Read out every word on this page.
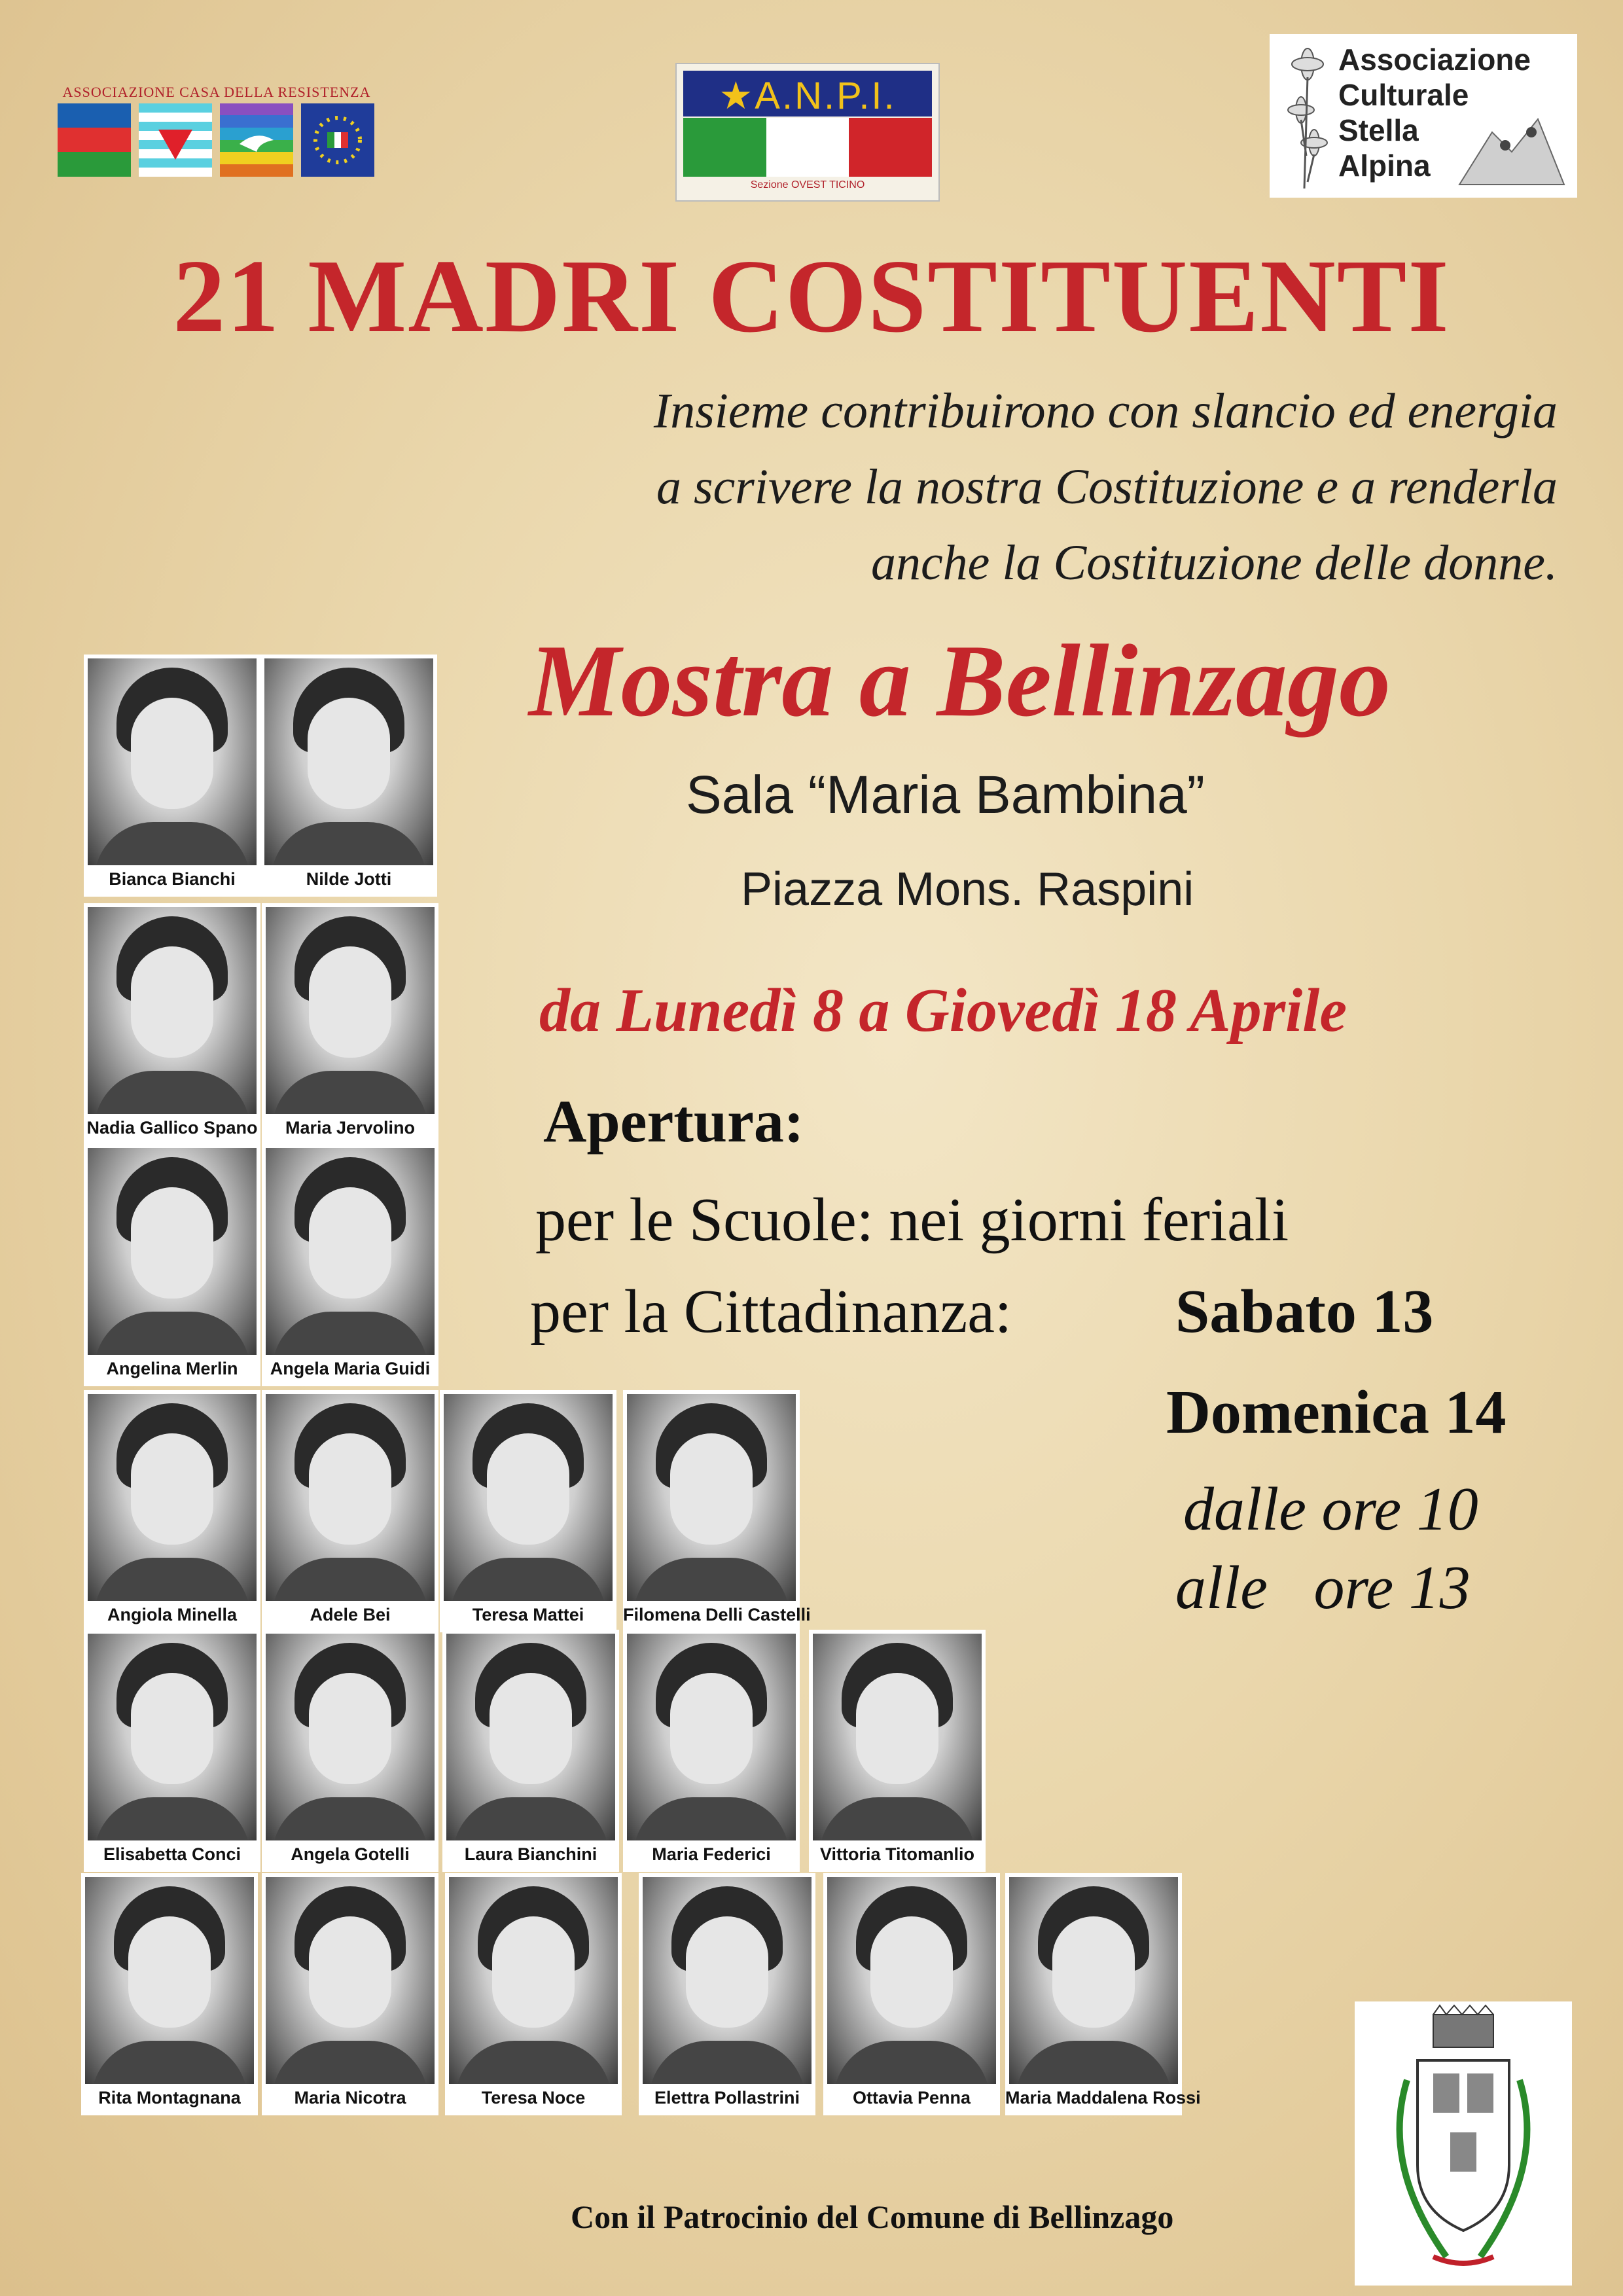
ASSOCIAZIONE CASA DELLA RESISTENZA	★A.N.P.I.
Sezione OVEST TICINO
Associazione
Culturale
Stella
Alpina
21 MADRI COSTITUENTI
Insieme contribuirono con slancio ed energia
a scrivere la nostra Costituzione e a renderla
anche la Costituzione delle donne.
Mostra a Bellinzago
Sala “Maria Bambina”
Piazza Mons. Raspini
da Lunedì 8 a Giovedì 18 Aprile
Apertura:
per le Scuole: nei giorni feriali
per la Cittadinanza:	Sabato 13
Domenica 14
dalle ore 10
alle   ore 13
Bianca Bianchi	Nilde Jotti
Nadia Gallico Spano	Maria Jervolino
Angelina Merlin	Angela Maria Guidi
Angiola Minella	Adele Bei	Teresa Mattei	Filomena Delli Castelli
Elisabetta Conci	Angela Gotelli	Laura Bianchini	Maria Federici	Vittoria Titomanlio
Rita Montagnana	Maria Nicotra	Teresa Noce	Elettra Pollastrini	Ottavia Penna	Maria Maddalena Rossi
Con il Patrocinio del Comune di Bellinzago
